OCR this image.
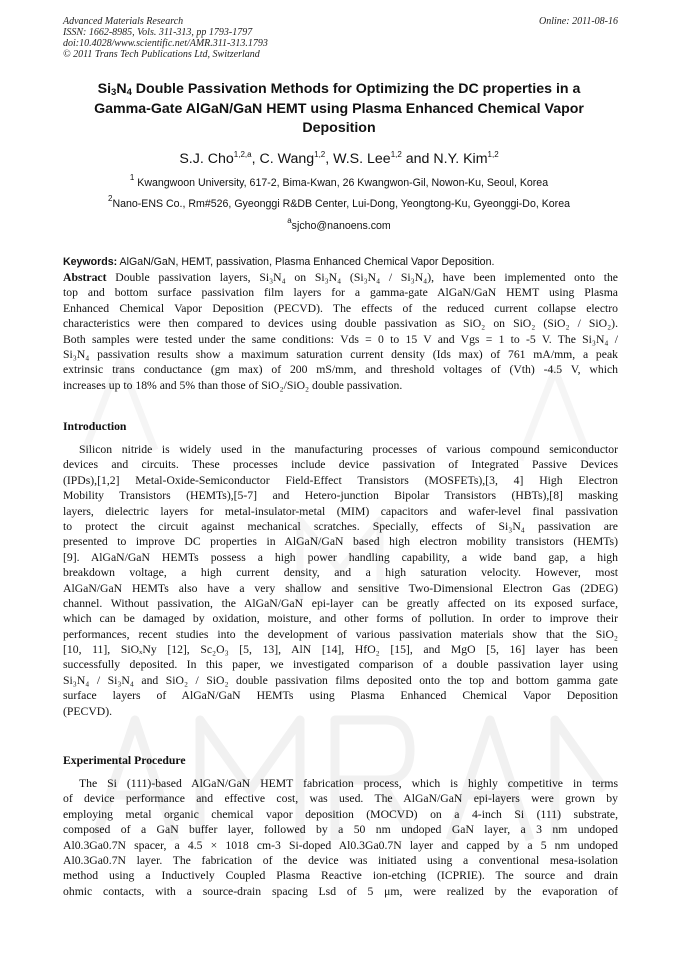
Advanced Materials Research
ISSN: 1662-8985, Vols. 311-313, pp 1793-1797
doi:10.4028/www.scientific.net/AMR.311-313.1793
© 2011 Trans Tech Publications Ltd, Switzerland
Online: 2011-08-16
$Si_3N_4$ Double Passivation Methods for Optimizing the DC properties in a
Gamma-Gate AlGaN/GaN HEMT using Plasma Enhanced Chemical Vapor
Deposition
S.J. Cho$^{1,2,a}$, C. Wang$^{1,2}$, W.S. Lee$^{1,2}$ and N.Y. Kim$^{1,2}$
$^1$ Kwangwoon University, 617-2, Bima-Kwan, 26 Kwangwon-Gil, Nowon-Ku, Seoul, Korea
$^2$Nano-ENS Co., Rm#526, Gyeonggi R&DB Center, Lui-Dong, Yeongtong-Ku, Gyeonggi-Do, Korea
$^a$sjcho@nanoens.com
Keywords: AlGaN/GaN, HEMT, passivation, Plasma Enhanced Chemical Vapor Deposition.
Abstract Double passivation layers, Si₃N₄ on Si₃N₄ (Si₃N₄ / Si₃N₄), have been implemented onto the
top and bottom surface passivation film layers for a gamma-gate AlGaN/GaN HEMT using Plasma
Enhanced Chemical Vapor Deposition (PECVD). The effects of the reduced current collapse electro
characteristics were then compared to devices using double passivation as SiO₂ on SiO₂ (SiO₂ / SiO₂).
Both samples were tested under the same conditions: Vds = 0 to 15 V and Vgs = 1 to -5 V. The Si₃N₄ /
Si₃N₄ passivation results show a maximum saturation current density (Ids max) of 761 mA/mm, a peak
extrinsic trans conductance (gm max) of 200 mS/mm, and threshold voltages of (Vth) -4.5 V, which
increases up to 18% and 5% than those of SiO₂/SiO₂ double passivation.
Introduction
Silicon nitride is widely used in the manufacturing processes of various compound semiconductor
devices and circuits. These processes include device passivation of Integrated Passive Devices
(IPDs),[1,2] Metal-Oxide-Semiconductor Field-Effect Transistors (MOSFETs),[3, 4] High Electron
Mobility Transistors (HEMTs),[5-7] and Hetero-junction Bipolar Transistors (HBTs),[8] masking
layers, dielectric layers for metal-insulator-metal (MIM) capacitors and wafer-level final passivation
to protect the circuit against mechanical scratches. Specially, effects of Si₃N₄ passivation are
presented to improve DC properties in AlGaN/GaN based high electron mobility transistors (HEMTs)
[9]. AlGaN/GaN HEMTs possess a high power handling capability, a wide band gap, a high
breakdown voltage, a high current density, and a high saturation velocity. However, most
AlGaN/GaN HEMTs also have a very shallow and sensitive Two-Dimensional Electron Gas (2DEG)
channel. Without passivation, the AlGaN/GaN epi-layer can be greatly affected on its exposed surface,
which can be damaged by oxidation, moisture, and other forms of pollution. In order to improve their
performances, recent studies into the development of various passivation materials show that the SiO₂
[10, 11], SiOₓNy [12], Sc₂O₃ [5, 13], AlN [14], HfO₂ [15], and MgO [5, 16] layer has been
successfully deposited. In this paper, we investigated comparison of a double passivation layer using
Si₃N₄ / Si₃N₄ and SiO₂ / SiO₂ double passivation films deposited onto the top and bottom gamma gate
surface layers of AlGaN/GaN HEMTs using Plasma Enhanced Chemical Vapor Deposition
(PECVD).
Experimental Procedure
The Si (111)-based AlGaN/GaN HEMT fabrication process, which is highly competitive in terms
of device performance and effective cost, was used. The AlGaN/GaN epi-layers were grown by
employing metal organic chemical vapor deposition (MOCVD) on a 4-inch Si (111) substrate,
composed of a GaN buffer layer, followed by a 50 nm undoped GaN layer, a 3 nm undoped
Al0.3Ga0.7N spacer, a 4.5 × 1018 cm-3 Si-doped Al0.3Ga0.7N layer and capped by a 5 nm undoped
Al0.3Ga0.7N layer. The fabrication of the device was initiated using a conventional mesa-isolation
method using a Inductively Coupled Plasma Reactive ion-etching (ICPRIE). The source and drain
ohmic contacts, with a source-drain spacing Lsd of 5 μm, were realized by the evaporation of
